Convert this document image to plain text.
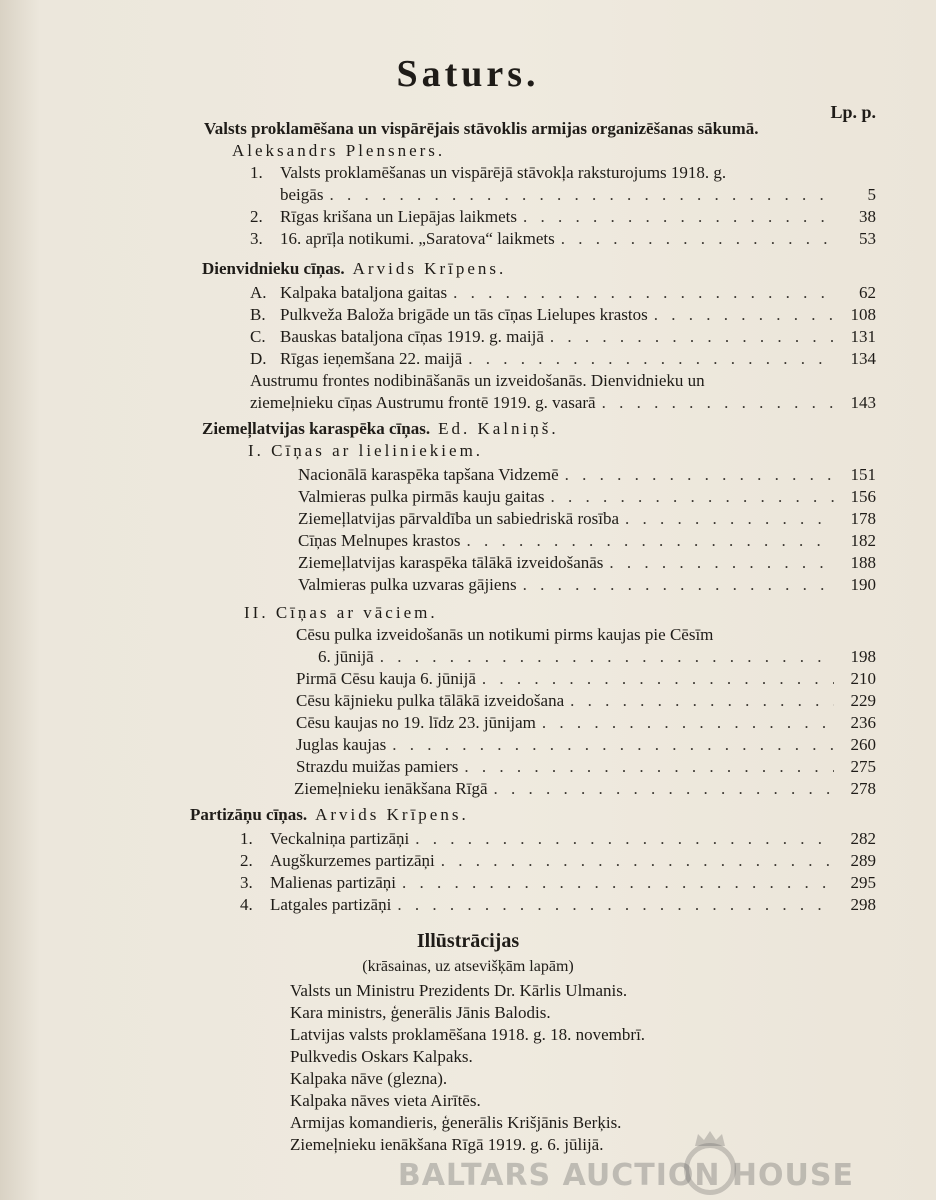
Saturs.
Lp. p.
Valsts proklamēšana un vispārējais stāvoklis armijas organizēšanas sākumā.
Aleksandrs Plensners.
1. Valsts proklamēšanas un vispārējā stāvokļa raksturojums 1918. g.
beigās . . .	5
2.	Rīgas krišana un Liepājas laikmets . . .	38
3.	16. aprīļa notikumi. „Saratova“ laikmets . . .	53
Dienvidnieku cīņas. Arvids Krīpens.
A. Kalpaka bataljona gaitas . . .	62
B. Pulkveža Baloža brigāde un tās cīņas Lielupes krastos . . .	108
C. Bauskas bataljona cīņas 1919. g. maijā . . .	131
D. Rīgas ieņemšana 22. maijā . . .	134
Austrumu frontes nodibināšanās un izveidošanās. Dienvidnieku un
ziemeļnieku cīņas Austrumu frontē 1919. g. vasarā . . .	143
Ziemeļlatvijas karaspēka cīņas. Ed. Kalniņš.
I. Cīņas ar lieliniekiem.
Nacionālā karaspēka tapšana Vidzemē . . .	151
Valmieras pulka pirmās kauju gaitas . . .	156
Ziemeļlatvijas pārvaldība un sabiedriskā rosība . . .	178
Cīņas Melnupes krastos . . .	182
Ziemeļlatvijas karaspēka tālākā izveidošanās . . .	188
Valmieras pulka uzvaras gājiens . . .	190
II. Cīņas ar vāciem.
Cēsu pulka izveidošanās un notikumi pirms kaujas pie Cēsīm
6. jūnijā . . .	198
Pirmā Cēsu kauja 6. jūnijā . . .	210
Cēsu kājnieku pulka tālākā izveidošana . . .	229
Cēsu kaujas no 19. līdz 23. jūnijam . . .	236
Juglas kaujas . . .	260
Strazdu muižas pamiers . . .	275
Ziemeļnieku ienākšana Rīgā . . .	278
Partizāņu cīņas. Arvids Krīpens.
1.	Veckalniņa partizāņi . . .	282
2.	Augškurzemes partizāņi . . .	289
3.	Malienas partizāņi . . .	295
4.	Latgales partizāņi . . .	298
Illūstrācijas
(krāsainas, uz atsevišķām lapām)
Valsts un Ministru Prezidents Dr. Kārlis Ulmanis.
Kara ministrs, ģenerālis Jānis Balodis.
Latvijas valsts proklamēšana 1918. g. 18. novembrī.
Pulkvedis Oskars Kalpaks.
Kalpaka nāve (glezna).
Kalpaka nāves vieta Airītēs.
Armijas komandieris, ģenerālis Krišjānis Berķis.
Ziemeļnieku ienākšana Rīgā 1919. g. 6. jūlijā.
BALTARS AUCTION HOUSE
